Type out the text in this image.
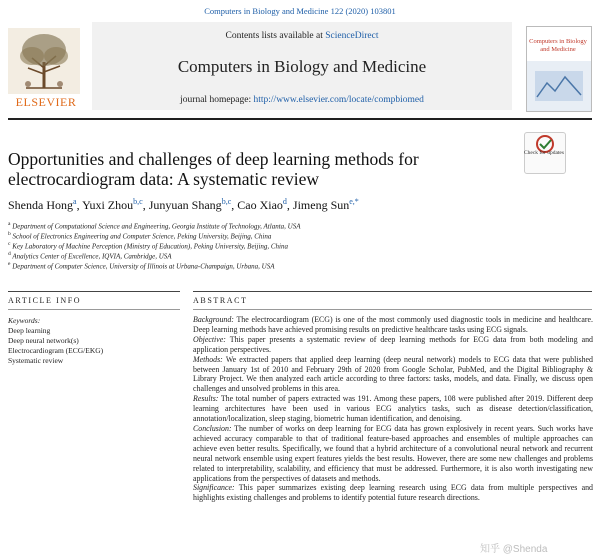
Computers in Biology and Medicine 122 (2020) 103801
ELSEVIER
Contents lists available at ScienceDirect
Computers in Biology and Medicine
journal homepage: http://www.elsevier.com/locate/compbiomed
Computers in Biology and Medicine
Check for updates
Opportunities and challenges of deep learning methods for electrocardiogram data: A systematic review
Shenda Hong$^a$, Yuxi Zhou$^{b,c}$, Junyuan Shang$^{b,c}$, Cao Xiao$^d$, Jimeng Sun$^{e,*}$
$^a$ Department of Computational Science and Engineering, Georgia Institute of Technology, Atlanta, USA
$^b$ School of Electronics Engineering and Computer Science, Peking University, Beijing, China
$^c$ Key Laboratory of Machine Perception (Ministry of Education), Peking University, Beijing, China
$^d$ Analytics Center of Excellence, IQVIA, Cambridge, USA
$^e$ Department of Computer Science, University of Illinois at Urbana-Champaign, Urbana, USA
ARTICLE INFO
Keywords:
Deep learning
Deep neural network(s)
Electrocardiogram (ECG/EKG)
Systematic review
ABSTRACT

Background: The electrocardiogram (ECG) is one of the most commonly used diagnostic tools in medicine and healthcare. Deep learning methods have achieved promising results on predictive healthcare tasks using ECG signals.

Objective: This paper presents a systematic review of deep learning methods for ECG data from both modeling and application perspectives.

Methods: We extracted papers that applied deep learning (deep neural network) models to ECG data that were published between January 1st of 2010 and February 29th of 2020 from Google Scholar, PubMed, and the Digital Bibliography & Library Project. We then analyzed each article according to three factors: tasks, models, and data. Finally, we discuss open challenges and unsolved problems in this area.

Results: The total number of papers extracted was 191. Among these papers, 108 were published after 2019. Different deep learning architectures have been used in various ECG analytics tasks, such as disease detection/classification, annotation/localization, sleep staging, biometric human identification, and denoising.

Conclusion: The number of works on deep learning for ECG data has grown explosively in recent years. Such works have achieved accuracy comparable to that of traditional feature-based approaches and ensembles of multiple approaches can achieve even better results. Specifically, we found that a hybrid architecture of a convolutional neural network and recurrent neural network ensemble using expert features yields the best results. However, there are some new challenges and problems related to interpretability, scalability, and efficiency that must be addressed. Furthermore, it is also worth investigating new applications from the perspectives of datasets and methods.

Significance: This paper summarizes existing deep learning research using ECG data from multiple perspectives and highlights existing challenges and problems to identify potential future research directions.

知乎 @Shenda
